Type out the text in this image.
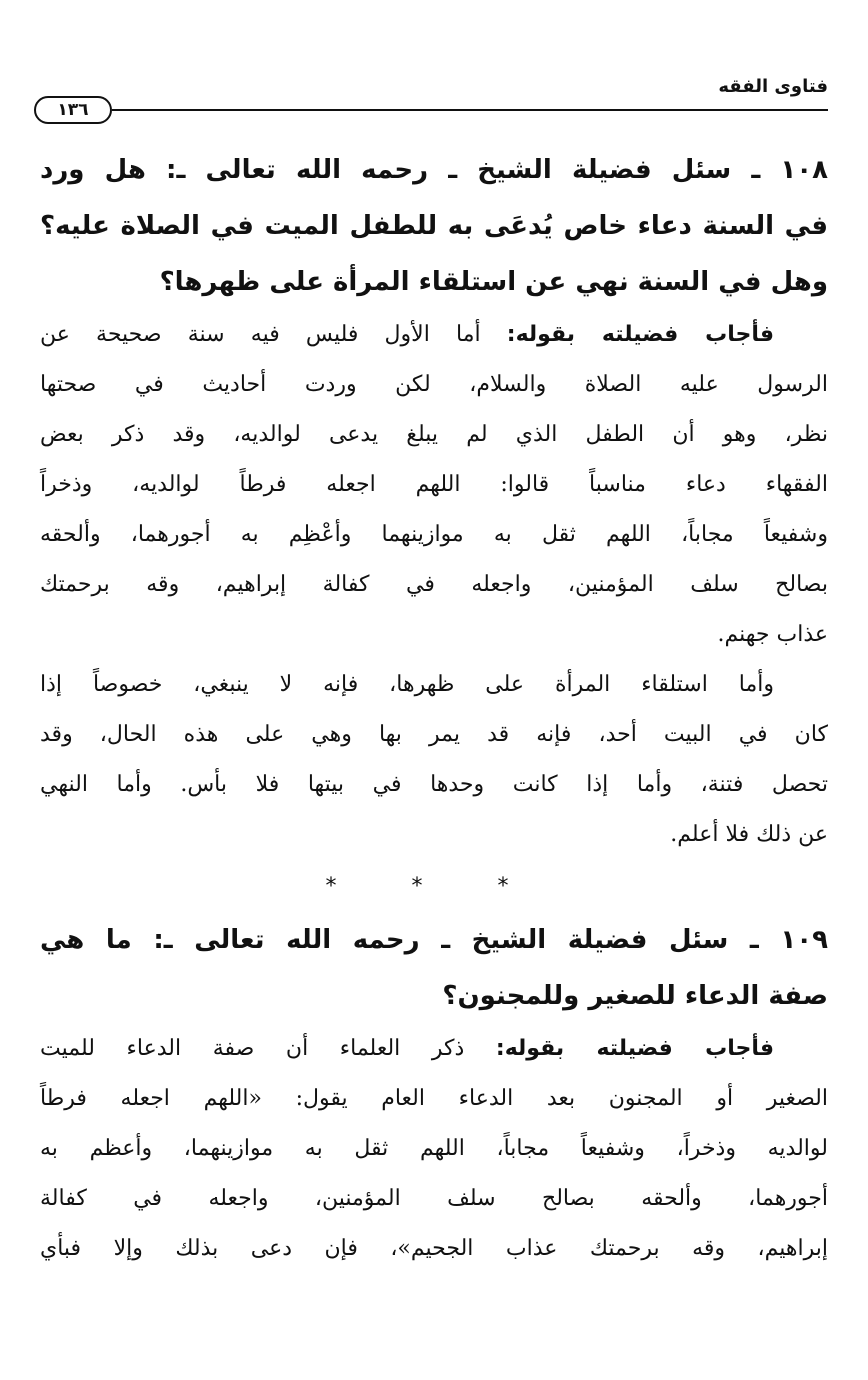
فتاوى الفقه
١٣٦
١٠٨ ـ سئل فضيلة الشيخ ـ رحمه الله تعالى ـ: هل ورد
في السنة دعاء خاص يُدعَى به للطفل الميت في الصلاة عليه؟
وهل في السنة نهي عن استلقاء المرأة على ظهرها؟
فأجاب فضيلته بقوله: أما الأول فليس فيه سنة صحيحة عن
الرسول عليه الصلاة والسلام، لكن وردت أحاديث في صحتها
نظر، وهو أن الطفل الذي لم يبلغ يدعى لوالديه، وقد ذكر بعض
الفقهاء دعاء مناسباً قالوا: اللهم اجعله فرطاً لوالديه، وذخراً
وشفيعاً مجاباً، اللهم ثقل به موازينهما وأعْظِم به أجورهما، وألحقه
بصالح سلف المؤمنين، واجعله في كفالة إبراهيم، وقه برحمتك
عذاب جهنم.
وأما استلقاء المرأة على ظهرها، فإنه لا ينبغي، خصوصاً إذا
كان في البيت أحد، فإنه قد يمر بها وهي على هذه الحال، وقد
تحصل فتنة، وأما إذا كانت وحدها في بيتها فلا بأس. وأما النهي
عن ذلك فلا أعلم.
* * *
١٠٩ ـ سئل فضيلة الشيخ ـ رحمه الله تعالى ـ: ما هي
صفة الدعاء للصغير وللمجنون؟
فأجاب فضيلته بقوله: ذكر العلماء أن صفة الدعاء للميت
الصغير أو المجنون بعد الدعاء العام يقول: «اللهم اجعله فرطاً
لوالديه وذخراً، وشفيعاً مجاباً، اللهم ثقل به موازينهما، وأعظم به
أجورهما، وألحقه بصالح سلف المؤمنين، واجعله في كفالة
إبراهيم، وقه برحمتك عذاب الجحيم»، فإن دعى بذلك وإلا فبأي
